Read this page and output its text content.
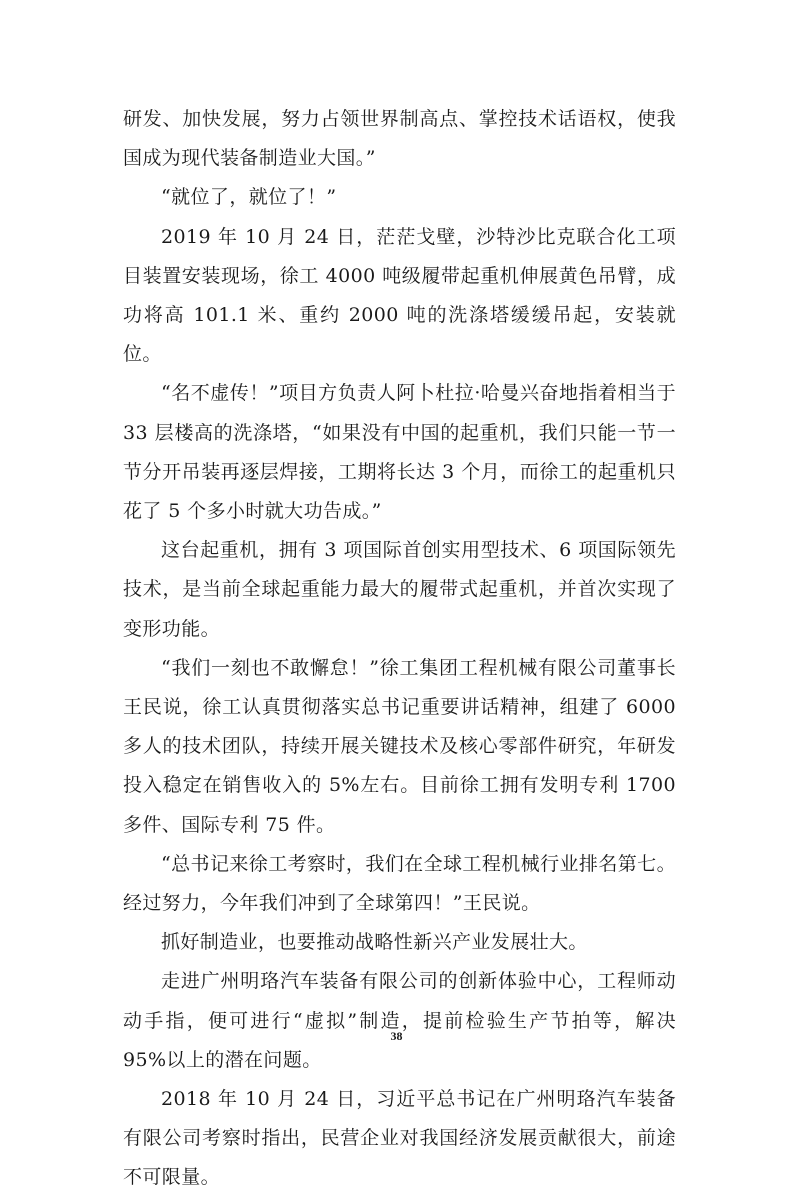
研发、加快发展，努力占领世界制高点、掌控技术话语权，使我国成为现代装备制造业大国。”

“就位了，就位了！”

2019 年 10 月 24 日，茫茫戈壁，沙特沙比克联合化工项目装置安装现场，徐工 4000 吨级履带起重机伸展黄色吊臂，成功将高 101.1 米、重约 2000 吨的洗涤塔缓缓吊起，安装就位。

“名不虚传！”项目方负责人阿卜杜拉·哈曼兴奋地指着相当于 33 层楼高的洗涤塔，“如果没有中国的起重机，我们只能一节一节分开吊装再逐层焊接，工期将长达 3 个月，而徐工的起重机只花了 5 个多小时就大功告成。”

这台起重机，拥有 3 项国际首创实用型技术、6 项国际领先技术，是当前全球起重能力最大的履带式起重机，并首次实现了变形功能。

“我们一刻也不敢懈怠！”徐工集团工程机械有限公司董事长王民说，徐工认真贯彻落实总书记重要讲话精神，组建了 6000 多人的技术团队，持续开展关键技术及核心零部件研究，年研发投入稳定在销售收入的 5%左右。目前徐工拥有发明专利 1700 多件、国际专利 75 件。

“总书记来徐工考察时，我们在全球工程机械行业排名第七。经过努力，今年我们冲到了全球第四！”王民说。

抓好制造业，也要推动战略性新兴产业发展壮大。

走进广州明珞汽车装备有限公司的创新体验中心，工程师动动手指，便可进行“虚拟”制造，提前检验生产节拍等，解决 95%以上的潜在问题。

2018 年 10 月 24 日，习近平总书记在广州明珞汽车装备有限公司考察时指出，民营企业对我国经济发展贡献很大，前途不可限量。

38
